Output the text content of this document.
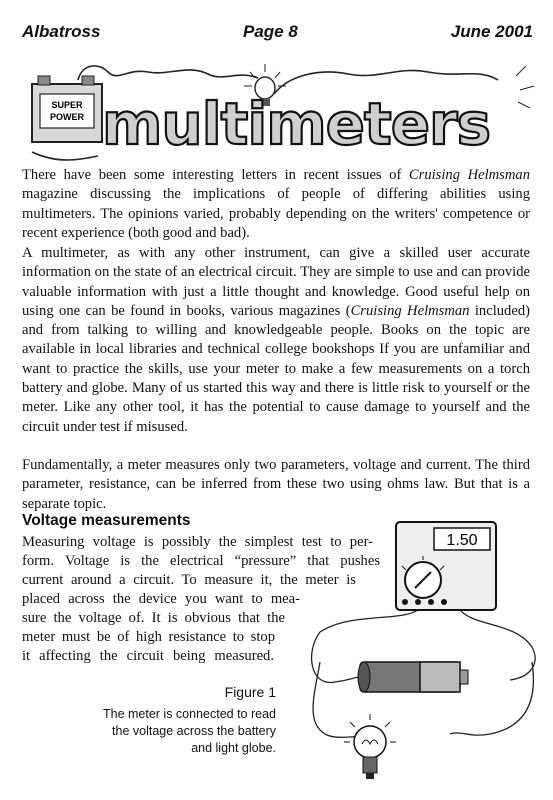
Albatross	Page 8	June 2001
SUPER
POWER multimeters

There have been some interesting letters in recent issues of Cruising Helmsman magazine discussing the implications of people of differing abilities using multimeters. The opinions varied, probably depending on the writers' competence or recent experience (both good and bad).

A multimeter, as with any other instrument, can give a skilled user accurate information on the state of an electrical circuit. They are simple to use and can provide valuable information with just a little thought and knowledge. Good useful help on using one can be found in books, various magazines (Cruising Helmsman included) and from talking to willing and knowledgeable people. Books on the topic are available in local libraries and technical college bookshops If you are unfamiliar and want to practice the skills, use your meter to make a few measurements on a torch battery and globe. Many of us started this way and there is little risk to yourself or the meter. Like any other tool, it has the potential to cause damage to yourself and the circuit under test if misused.

Fundamentally, a meter measures only two parameters, voltage and current. The third parameter, resistance, can be inferred from these two using ohms law. But that is a separate topic.

Voltage measurements
Measuring voltage is possibly the simplest test to per-
form. Voltage is the electrical “pressure” that pushes
current around a circuit. To measure it, the meter is
placed across the device you want to mea-
sure the voltage of. It is obvious that the
meter must be of high resistance to stop
it affecting the circuit being measured.
1.50
Figure 1
The meter is connected to read
the voltage across the battery
and light globe.
